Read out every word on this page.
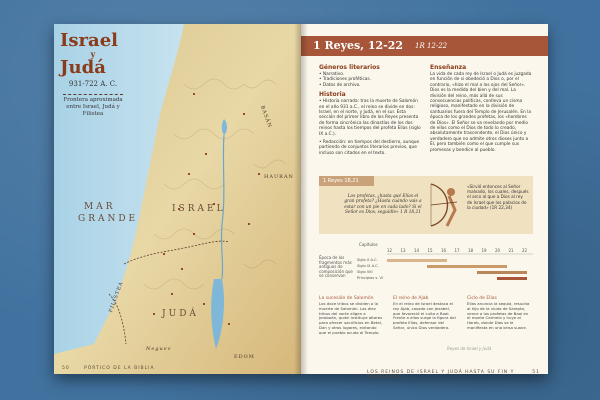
Israel
y
Judá

931-722 A. C.
Frontera aproximada entre Israel, Judá y Filistea
MAR
GRANDE
ISRAEL
JUDÁ
BASÁN
HAURÁN
FILISTEA
Neguev
EDOM
50	PÓRTICO DE LA BIBLIA
1 Reyes, 12-22 1R 12-22

Géneros literarios

• Narrativo.
• Tradiciones proféticas.
• Datos de archivo.

Historia

• Historia narrada: tras la muerte de Salomón en el año 931 a.C., el reino se divide en dos: Israel, en el norte, y Judá, en el sur. Esta sección del primer libro de los Reyes presenta de forma sincrónica las dinastías de los dos reinos hasta los tiempos del profeta Elías (siglo IX a.C.).

• Redacción: en tiempos del destierro, aunque partiendo de conjuntos literarios previos, que incluso son citados en el texto.

Enseñanza

La vida de cada rey de Israel o Judá es juzgada en función de si obedeció a Dios o, por el contrario, «hizo el mal a los ojos del Señor». Dios es la medida del bien y del mal. La división del reino, más allá de sus consecuencias políticas, conlleva un cisma religioso, manifestado en la división de santuarios fuera del Templo de Jerusalén. En la época de los grandes profetas, los «hombres de Dios». El Señor se va revelando por medio de ellos como el Dios de todo lo creado, absolutamente trascendente, el Dios único y verdadero que no admite otros dioses junto a Él, pero también como el que cumple sus promesas y bendice al pueblo.

1 Reyes 18,21
Los profetas, ¿hasta qué Elías el gran profeta? ¿Hasta cuándo vais a estar con un pie en cada lado? Si el Señor es Dios, seguidle» 1 R 18,21
«Sirvió entonces al Señor malvado, los cuales, después el arco al que a Dios al rey de Israel que los palacios de la ciudad» (1R 22,34)
Capítulos
Época de los fragmentos más antiguos de composición que se conservan
12 13 14 15 16 17 18 19 20 21 22
Siglo X A.C.
Siglo IX A.C.
Siglo VIII
Principios s. VI

La sucesión de Salomón

Los doce tribus se dividen a la muerte de Salomón. Las diez tribus del norte eligen a Jeroboán, quien instituye altares para ofrecer sacrificios en Betel, Dan y otros lugares, evitando que el pueblo acuda al Templo.

El reino de Ajab

En el reino de Israel destaca el rey Ajab, casado con Jezabel, que favoreció el culto a Baal. Frente a ellos surge la figura del profeta Elías, defensor del Señor, único Dios verdadero.

Ciclo de Elías

Elías anuncia la sequía, resucita al hijo de la viuda de Sarepta, vence a los profetas de Baal en el monte Carmelo y huye al Horeb, donde Dios se le manifiesta en una brisa suave.

Reyes de Israel y Judá
LOS REINOS DE ISRAEL Y JUDÁ HASTA SU FIN Y DESTIERRO
51
